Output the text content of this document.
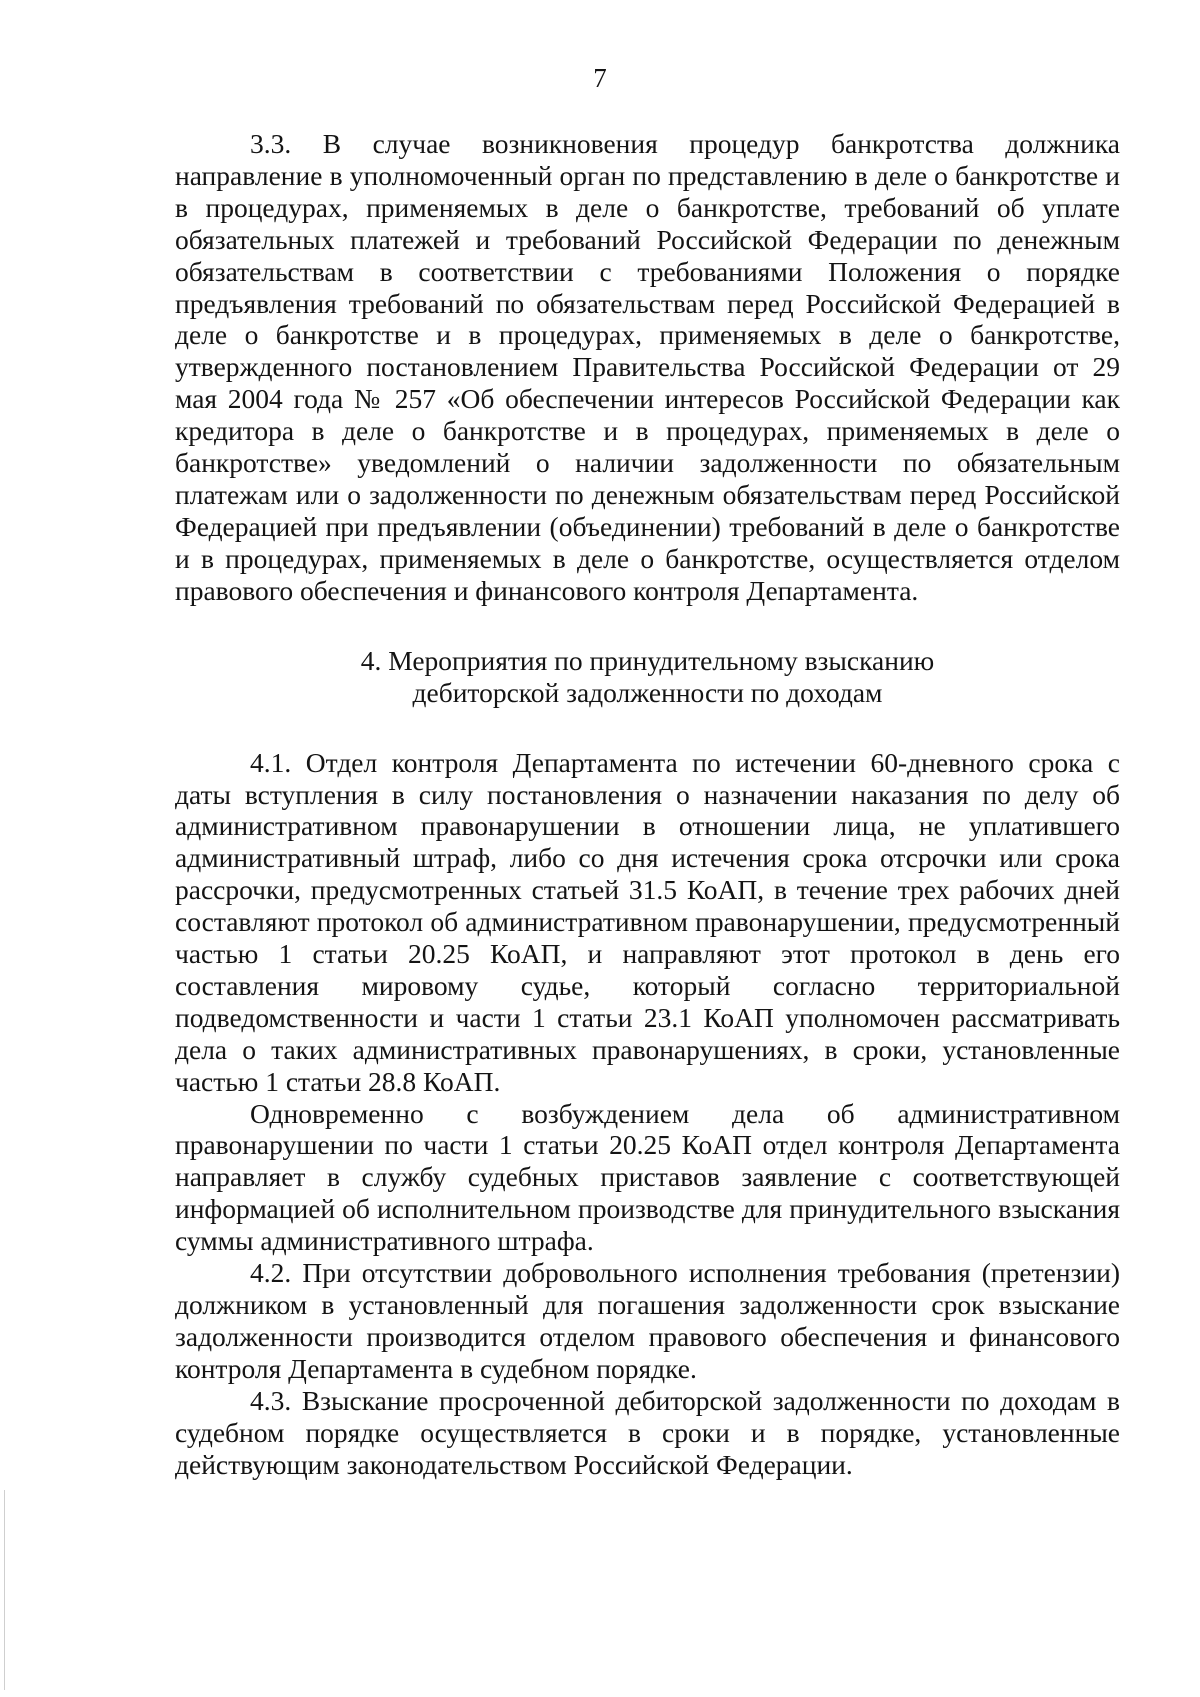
7

3.3. В случае возникновения процедур банкротства должника направление в уполномоченный орган по представлению в деле о банкротстве и в процедурах, применяемых в деле о банкротстве, требований об уплате обязательных платежей и требований Российской Федерации по денежным обязательствам в соответствии с требованиями Положения о порядке предъявления требований по обязательствам перед Российской Федерацией в деле о банкротстве и в процедурах, применяемых в деле о банкротстве, утвержденного постановлением Правительства Российской Федерации от 29 мая 2004 года № 257 «Об обеспечении интересов Российской Федерации как кредитора в деле о банкротстве и в процедурах, применяемых в деле о банкротстве» уведомлений о наличии задолженности по обязательным платежам или о задолженности по денежным обязательствам перед Российской Федерацией при предъявлении (объединении) требований в деле о банкротстве и в процедурах, применяемых в деле о банкротстве, осуществляется отделом правового обеспечения и финансового контроля Департамента.

4. Мероприятия по принудительному взысканию

дебиторской задолженности по доходам

4.1. Отдел контроля Департамента по истечении 60-дневного срока с даты вступления в силу постановления о назначении наказания по делу об административном правонарушении в отношении лица, не уплатившего административный штраф, либо со дня истечения срока отсрочки или срока рассрочки, предусмотренных статьей 31.5 КоАП, в течение трех рабочих дней составляют протокол об административном правонарушении, предусмотренный частью 1 статьи 20.25 КоАП, и направляют этот протокол в день его составления мировому судье, который согласно территориальной подведомственности и части 1 статьи 23.1 КоАП уполномочен рассматривать дела о таких административных правонарушениях, в сроки, установленные частью 1 статьи 28.8 КоАП.

Одновременно с возбуждением дела об административном правонарушении по части 1 статьи 20.25 КоАП отдел контроля Департамента направляет в службу судебных приставов заявление с соответствующей информацией об исполнительном производстве для принудительного взыскания суммы административного штрафа.

4.2. При отсутствии добровольного исполнения требования (претензии) должником в установленный для погашения задолженности срок взыскание задолженности производится отделом правового обеспечения и финансового контроля Департамента в судебном порядке.

4.3. Взыскание просроченной дебиторской задолженности по доходам в судебном порядке осуществляется в сроки и в порядке, установленные действующим законодательством Российской Федерации.
